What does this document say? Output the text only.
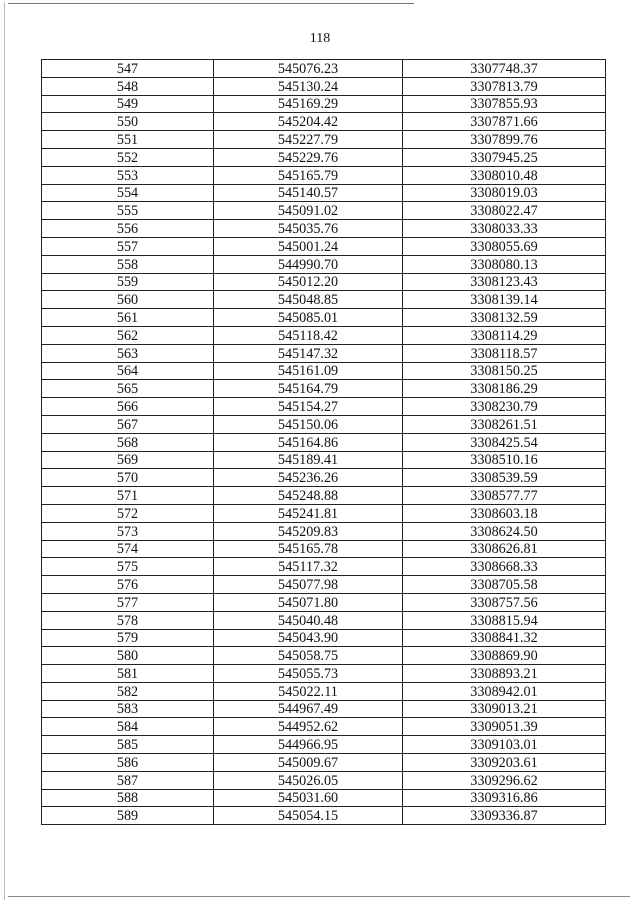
118
547	545076.23	3307748.37
548	545130.24	3307813.79
549	545169.29	3307855.93
550	545204.42	3307871.66
551	545227.79	3307899.76
552	545229.76	3307945.25
553	545165.79	3308010.48
554	545140.57	3308019.03
555	545091.02	3308022.47
556	545035.76	3308033.33
557	545001.24	3308055.69
558	544990.70	3308080.13
559	545012.20	3308123.43
560	545048.85	3308139.14
561	545085.01	3308132.59
562	545118.42	3308114.29
563	545147.32	3308118.57
564	545161.09	3308150.25
565	545164.79	3308186.29
566	545154.27	3308230.79
567	545150.06	3308261.51
568	545164.86	3308425.54
569	545189.41	3308510.16
570	545236.26	3308539.59
571	545248.88	3308577.77
572	545241.81	3308603.18
573	545209.83	3308624.50
574	545165.78	3308626.81
575	545117.32	3308668.33
576	545077.98	3308705.58
577	545071.80	3308757.56
578	545040.48	3308815.94
579	545043.90	3308841.32
580	545058.75	3308869.90
581	545055.73	3308893.21
582	545022.11	3308942.01
583	544967.49	3309013.21
584	544952.62	3309051.39
585	544966.95	3309103.01
586	545009.67	3309203.61
587	545026.05	3309296.62
588	545031.60	3309316.86
589	545054.15	3309336.87
